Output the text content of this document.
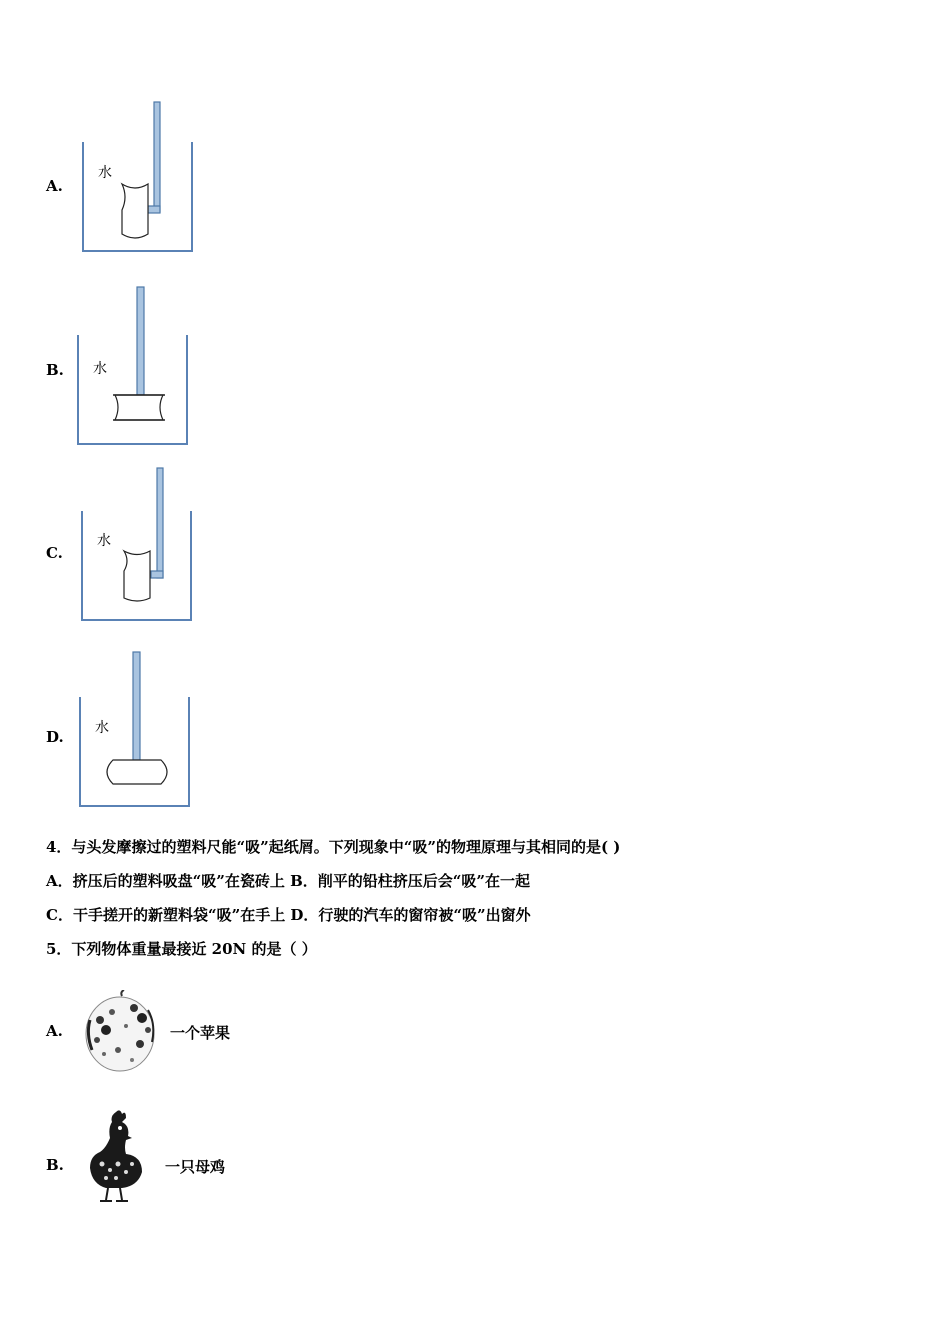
A.
水
B. 水
C.
水
D. 水
4．与头发摩擦过的塑料尺能“吸”起纸屑。下列现象中“吸”的物理原理与其相同的是( )
A．挤压后的塑料吸盘“吸”在瓷砖上 B．削平的铅柱挤压后会“吸”在一起
C．干手搓开的新塑料袋“吸”在手上 D．行驶的汽车的窗帘被“吸”出窗外
5．下列物体重量最接近 20N 的是（ ）
A.	一个苹果
B.	一只母鸡
